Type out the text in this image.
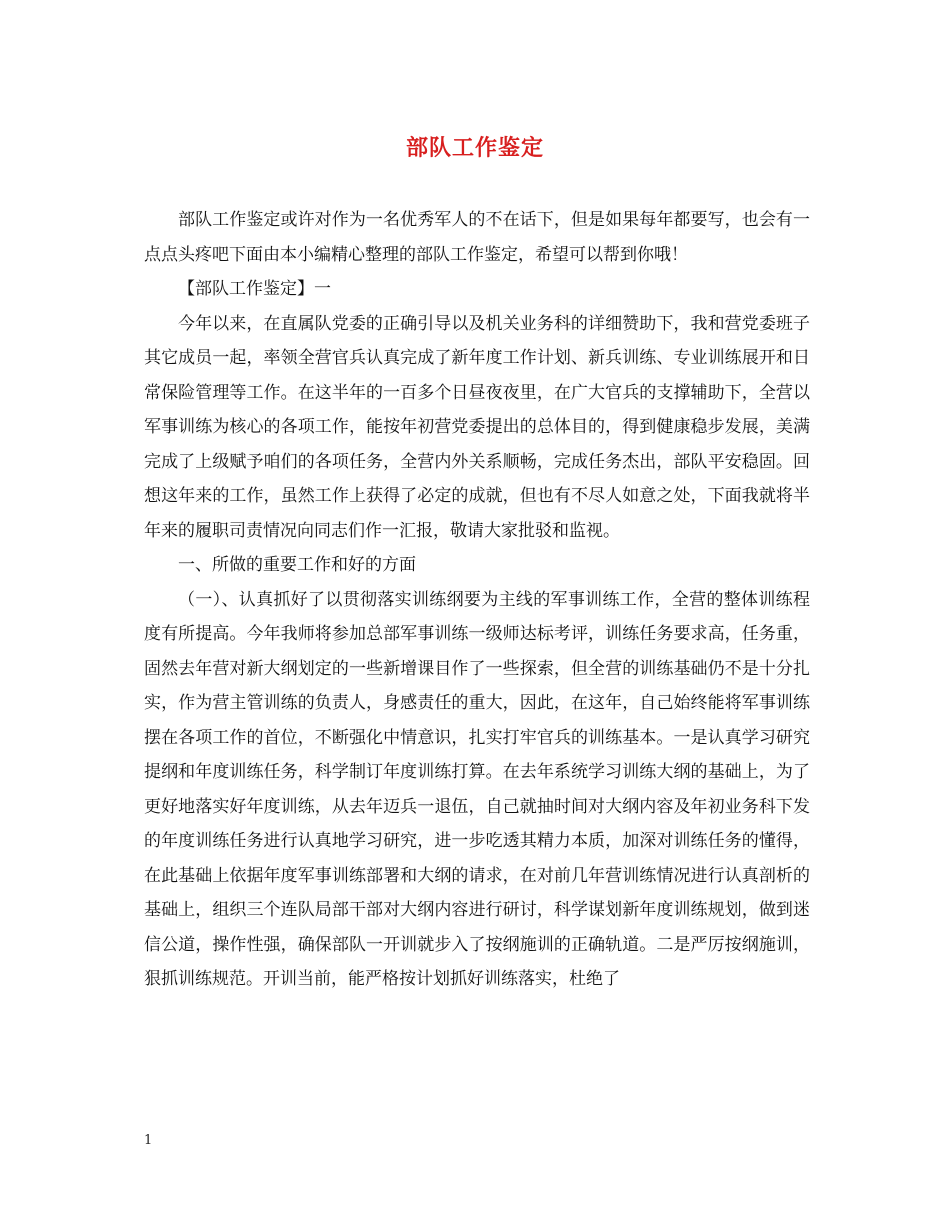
部队工作鉴定

部队工作鉴定或许对作为一名优秀军人的不在话下，但是如果每年都要写，也会有一点点头疼吧下面由本小编精心整理的部队工作鉴定，希望可以帮到你哦！

【部队工作鉴定】一

今年以来，在直属队党委的正确引导以及机关业务科的详细赞助下，我和营党委班子其它成员一起，率领全营官兵认真完成了新年度工作计划、新兵训练、专业训练展开和日常保险管理等工作。在这半年的一百多个日昼夜夜里，在广大官兵的支撑辅助下，全营以军事训练为核心的各项工作，能按年初营党委提出的总体目的，得到健康稳步发展，美满完成了上级赋予咱们的各项任务，全营内外关系顺畅，完成任务杰出，部队平安稳固。回想这年来的工作，虽然工作上获得了必定的成就，但也有不尽人如意之处，下面我就将半年来的履职司责情况向同志们作一汇报，敬请大家批驳和监视。

一、所做的重要工作和好的方面

（一）、认真抓好了以贯彻落实训练纲要为主线的军事训练工作，全营的整体训练程度有所提高。今年我师将参加总部军事训练一级师达标考评，训练任务要求高，任务重，固然去年营对新大纲划定的一些新增课目作了一些探索，但全营的训练基础仍不是十分扎实，作为营主管训练的负责人，身感责任的重大，因此，在这年，自己始终能将军事训练摆在各项工作的首位，不断强化中情意识，扎实打牢官兵的训练基本。一是认真学习研究提纲和年度训练任务，科学制订年度训练打算。在去年系统学习训练大纲的基础上，为了更好地落实好年度训练，从去年迈兵一退伍，自己就抽时间对大纲内容及年初业务科下发的年度训练任务进行认真地学习研究，进一步吃透其精力本质，加深对训练任务的懂得，在此基础上依据年度军事训练部署和大纲的请求，在对前几年营训练情况进行认真剖析的基础上，组织三个连队局部干部对大纲内容进行研讨，科学谋划新年度训练规划，做到迷信公道，操作性强，确保部队一开训就步入了按纲施训的正确轨道。二是严厉按纲施训，狠抓训练规范。开训当前，能严格按计划抓好训练落实，杜绝了

1
